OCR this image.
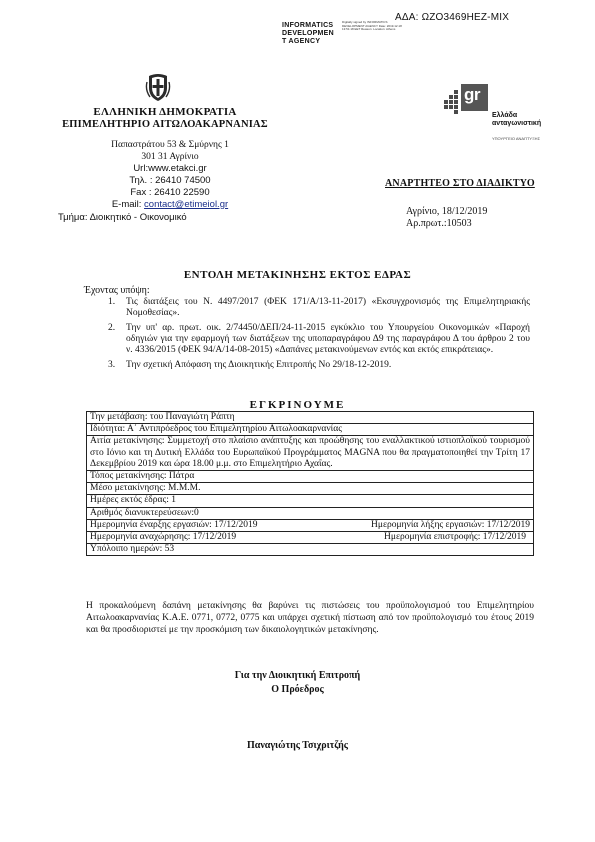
ΑΔΑ: ΩΖΟ3469ΗΕΖ-ΜΙΧ
INFORMATICS
DEVELOPMEN
T AGENCY
Digitally signed by INFORMATICS DEVELOPMENT AGENCY Date: 2019.12.18 13:51:18 EET Reason: Location: Athens
ΕΛΛΗΝΙΚΗ ΔΗΜΟΚΡΑΤΙΑ
ΕΠΙΜΕΛΗΤΗΡΙΟ ΑΙΤΩΛΟΑΚΑΡΝΑΝΙΑΣ
Παπαστράτου 53 & Σμύρνης 1
301 31 Αγρίνιο
Url:www.etakci.gr
Τηλ. : 26410 74500
Fax : 26410 22590
E-mail: contact@etimeiol.gr
Τμήμα: Διοικητικό - Οικονομικό
gr
Ελλάδα
ανταγωνιστική
ΥΠΟΥΡΓΕΙΟ ΑΝΑΠΤΥΞΗΣ
ΑΝΑΡΤΗΤΕΟ ΣΤΟ ΔΙΑΔΙΚΤΥΟ
Αγρίνιο, 18/12/2019
Αρ.πρωτ.:10503
ΕΝΤΟΛΗ ΜΕΤΑΚΙΝΗΣΗΣ ΕΚΤΟΣ ΕΔΡΑΣ
Έχοντας υπόψη:
1. Τις διατάξεις του Ν. 4497/2017 (ΦΕΚ 171/Α/13-11-2017) «Εκσυγχρονισμός της Επιμελητηριακής Νομοθεσίας».
2. Την υπ' αρ. πρωτ. οικ. 2/74450/ΔΕΠ/24-11-2015 εγκύκλιο του Υπουργείου Οικονομικών «Παροχή οδηγιών για την εφαρμογή των διατάξεων της υποπαραγράφου Δ9 της παραγράφου Δ του άρθρου 2 του ν. 4336/2015 (ΦΕΚ 94/Α/14-08-2015) «Δαπάνες μετακινούμενων εντός και εκτός επικράτειας».
3. Την σχετική Απόφαση της Διοικητικής Επιτροπής Νο 29/18-12-2019.
ΕΓΚΡΙΝΟΥΜΕ
Την μετάβαση: του Παναγιώτη Ράπτη
Ιδιότητα: Α΄ Αντιπρόεδρος του Επιμελητηρίου Αιτωλοακαρνανίας
Αιτία μετακίνησης: Συμμετοχή στο πλαίσιο ανάπτυξης και προώθησης του εναλλακτικού ιστιοπλοϊκού τουρισμού στο Ιόνιο και τη Δυτική Ελλάδα του Ευρωπαϊκού Προγράμματος MAGNA που θα πραγματοποιηθεί την Τρίτη 17 Δεκεμβρίου 2019 και ώρα 18.00 μ.μ. στο Επιμελητήριο Αχαΐας.
Τόπος μετακίνησης: Πάτρα
Μέσο μετακίνησης: Μ.Μ.Μ.
Ημέρες εκτός έδρας: 1
Αριθμός διανυκτερεύσεων:0

Ημερομηνία έναρξης εργασιών: 17/12/2019	Ημερομηνία λήξης εργασιών: 17/12/2019

Ημερομηνία αναχώρησης: 17/12/2019	Ημερομηνία επιστροφής: 17/12/2019

Υπόλοιπο ημερών: 53
Η προκαλούμενη δαπάνη μετακίνησης θα βαρύνει τις πιστώσεις του προϋπολογισμού του Επιμελητηρίου Αιτωλοακαρνανίας Κ.Α.Ε. 0771, 0772, 0775 και υπάρχει σχετική πίστωση από τον προϋπολογισμό του έτους 2019 και θα προσδιοριστεί με την προσκόμιση των δικαιολογητικών μετακίνησης.
Για την Διοικητική Επιτροπή
Ο Πρόεδρος
Παναγιώτης Τσιχριτζής
